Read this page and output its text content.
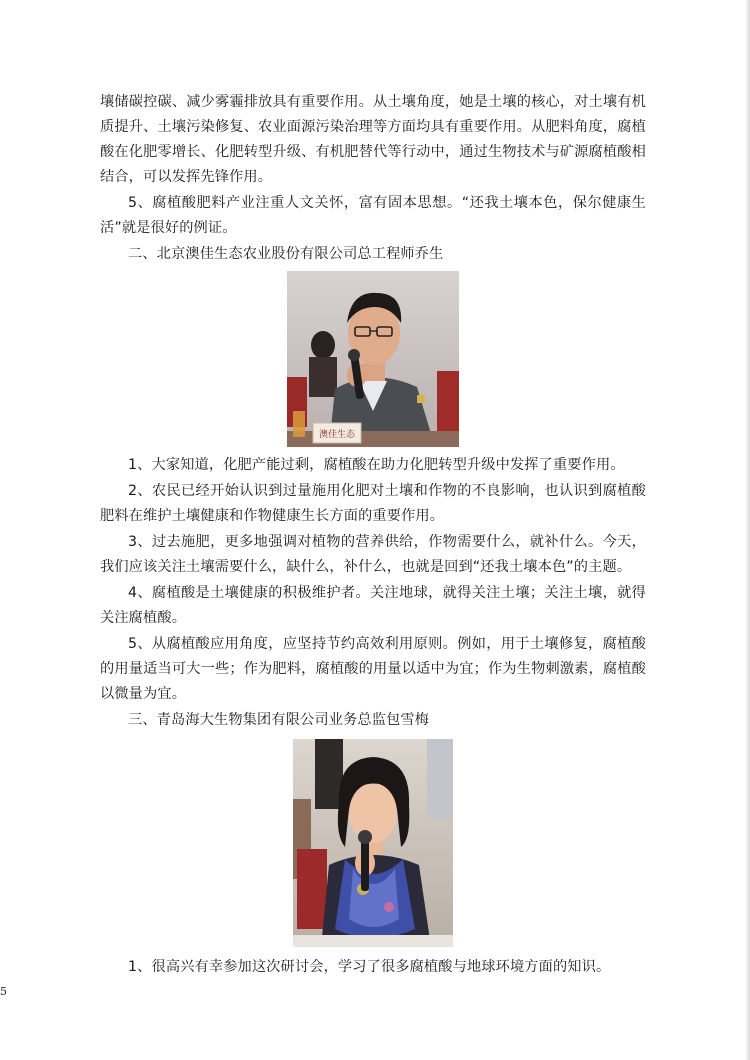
壤储碳控碳、减少雾霾排放具有重要作用。从土壤角度，她是土壤的核心，对土壤有机质提升、土壤污染修复、农业面源污染治理等方面均具有重要作用。从肥料角度，腐植酸在化肥零增长、化肥转型升级、有机肥替代等行动中，通过生物技术与矿源腐植酸相结合，可以发挥先锋作用。

5、腐植酸肥料产业注重人文关怀，富有固本思想。“还我土壤本色，保尔健康生活”就是很好的例证。

二、北京澳佳生态农业股份有限公司总工程师乔生

澳佳生态

1、大家知道，化肥产能过剩，腐植酸在助力化肥转型升级中发挥了重要作用。

2、农民已经开始认识到过量施用化肥对土壤和作物的不良影响，也认识到腐植酸肥料在维护土壤健康和作物健康生长方面的重要作用。

3、过去施肥，更多地强调对植物的营养供给，作物需要什么，就补什么。今天，我们应该关注土壤需要什么，缺什么，补什么，也就是回到“还我土壤本色”的主题。

4、腐植酸是土壤健康的积极维护者。关注地球，就得关注土壤；关注土壤，就得关注腐植酸。

5、从腐植酸应用角度，应坚持节约高效利用原则。例如，用于土壤修复，腐植酸的用量适当可大一些；作为肥料，腐植酸的用量以适中为宜；作为生物刺激素，腐植酸以微量为宜。

三、青岛海大生物集团有限公司业务总监包雪梅

1、很高兴有幸参加这次研讨会，学习了很多腐植酸与地球环境方面的知识。

5
